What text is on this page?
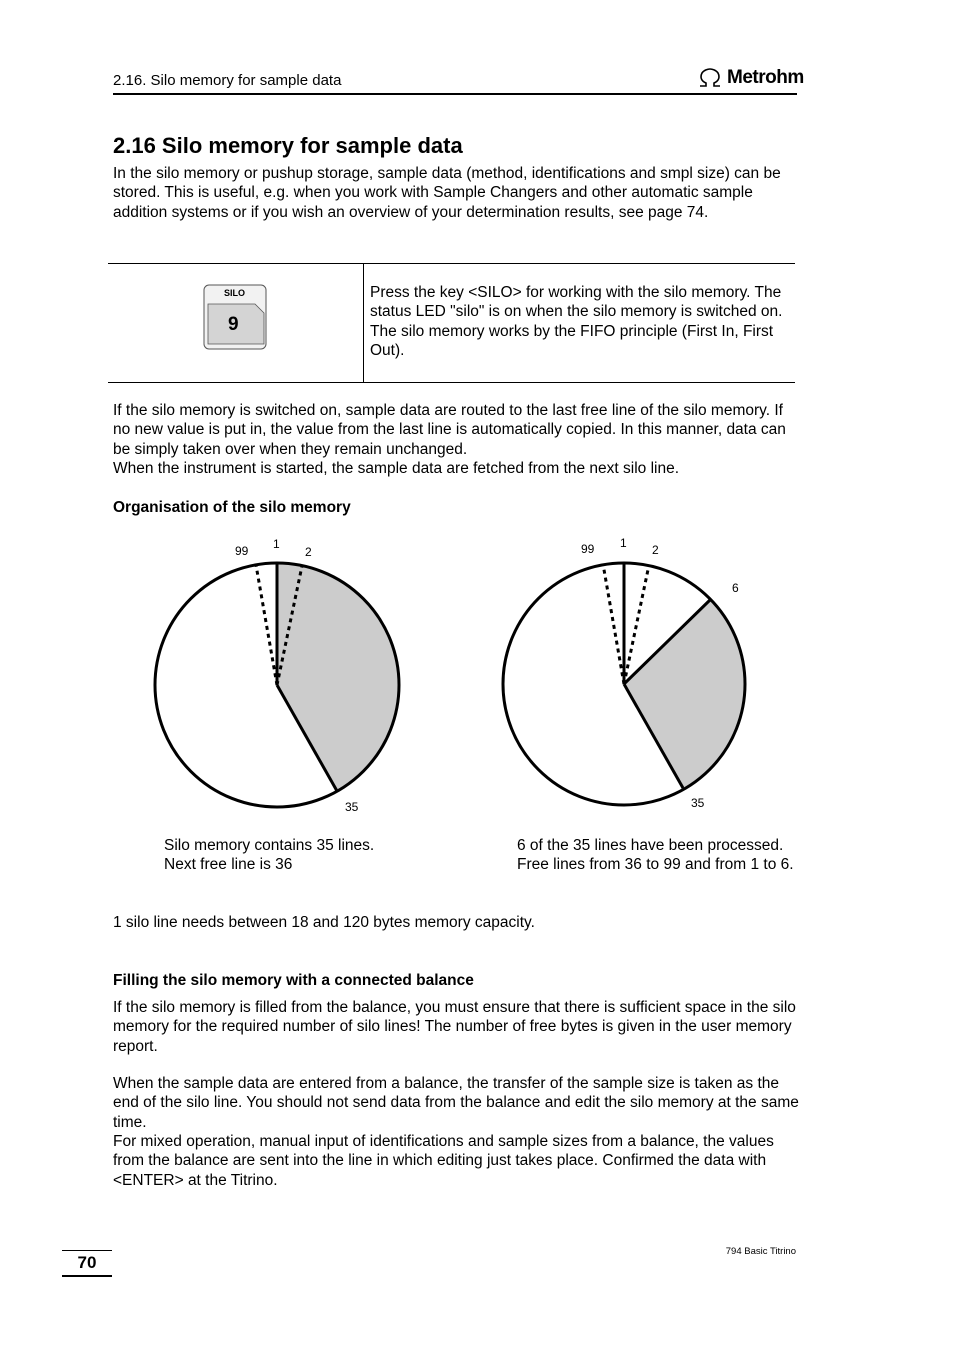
2.16. Silo memory for sample data	Metrohm
2.16 Silo memory for sample data
In the silo memory or pushup storage, sample data (method, identifications and smpl size) can be stored. This is useful, e.g. when you work with Sample Changers and other automatic sample addition systems or if you wish an overview of your determination results, see page 74.
SILO
9
Press the key <SILO> for working with the silo memory. The status LED "silo" is on when the silo memory is switched on. The silo memory works by the FIFO principle (First In, First Out).
If the silo memory is switched on, sample data are routed to the last free line of the silo memory. If no new value is put in, the value from the last line is automatically copied. In this manner, data can be simply taken over when they remain unchanged.
When the instrument is started, the sample data are fetched from the next silo line.
Organisation of the silo memory
99 1
2
35
99 1 2
6
35
Silo memory contains 35 lines.
Next free line is 36
6 of the 35 lines have been processed. Free lines from 36 to 99 and from 1 to 6.
1 silo line needs between 18 and 120 bytes memory capacity.
Filling the silo memory with a connected balance
If the silo memory is filled from the balance, you must ensure that there is sufficient space in the silo memory for the required number of silo lines! The number of free bytes is given in the user memory report.
When the sample data are entered from a balance, the transfer of the sample size is taken as the end of the silo line. You should not send data from the balance and edit the silo memory at the same time.
For mixed operation, manual input of identifications and sample sizes from a balance, the values from the balance are sent into the line in which editing just takes place. Confirmed the data with <ENTER> at the Titrino.
70
794 Basic Titrino
